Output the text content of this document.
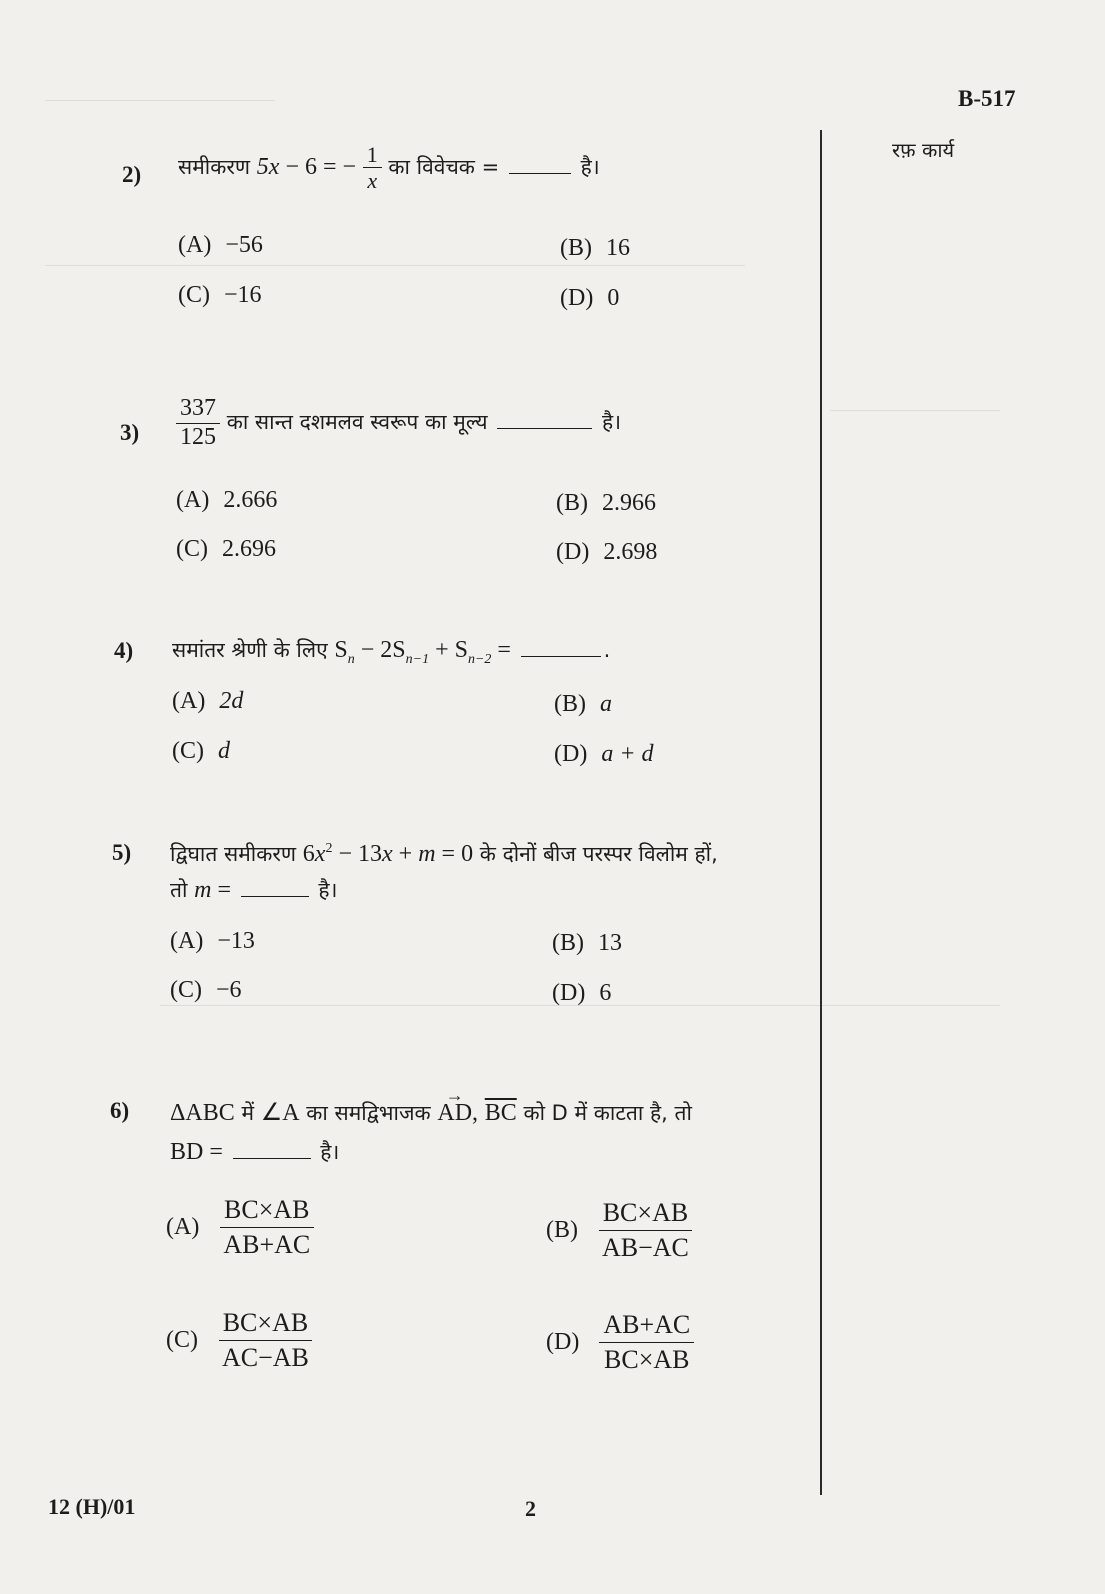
B-517
रफ़ कार्य
2) समीकरण 5x − 6 = − $\frac{1}{x}$ का विवेचक =	है।
(A) −56	(B) 16
(C) −16	(D) 0
$3) \frac{337}{125}$ का सान्त दशमलव स्वरूप का मूल्य	है।
(A) 2.666	(B) 2.966
(C) 2.696	(D) 2.698
4) समांतर श्रेणी के लिए $S_n - 2S_{n-1} + S_{n-2}$ =	.
(A) 2d	(B) a
(C) d	(D) a + d
5) द्विघात समीकरण $6x^2 - 13x + m = 0$ के दोनों बीज परस्पर विलोम हों,
तो m =	है।
(A) −13	(B) 13
(C) −6	(D) 6
6) ΔABC में ∠A का समद्विभाजक
→
AD, $\overline{BC}$ को D में काटता है, तो
BD =	है।
$(A) \frac{BC\times AB}{AB+AC}$	$(B) \frac{BC\times AB}{AB-AC}$
$(C) \frac{BC\times AB}{AC-AB}$	$(D) \frac{AB+AC}{BC\times AB}$
12 (H)/01	2
